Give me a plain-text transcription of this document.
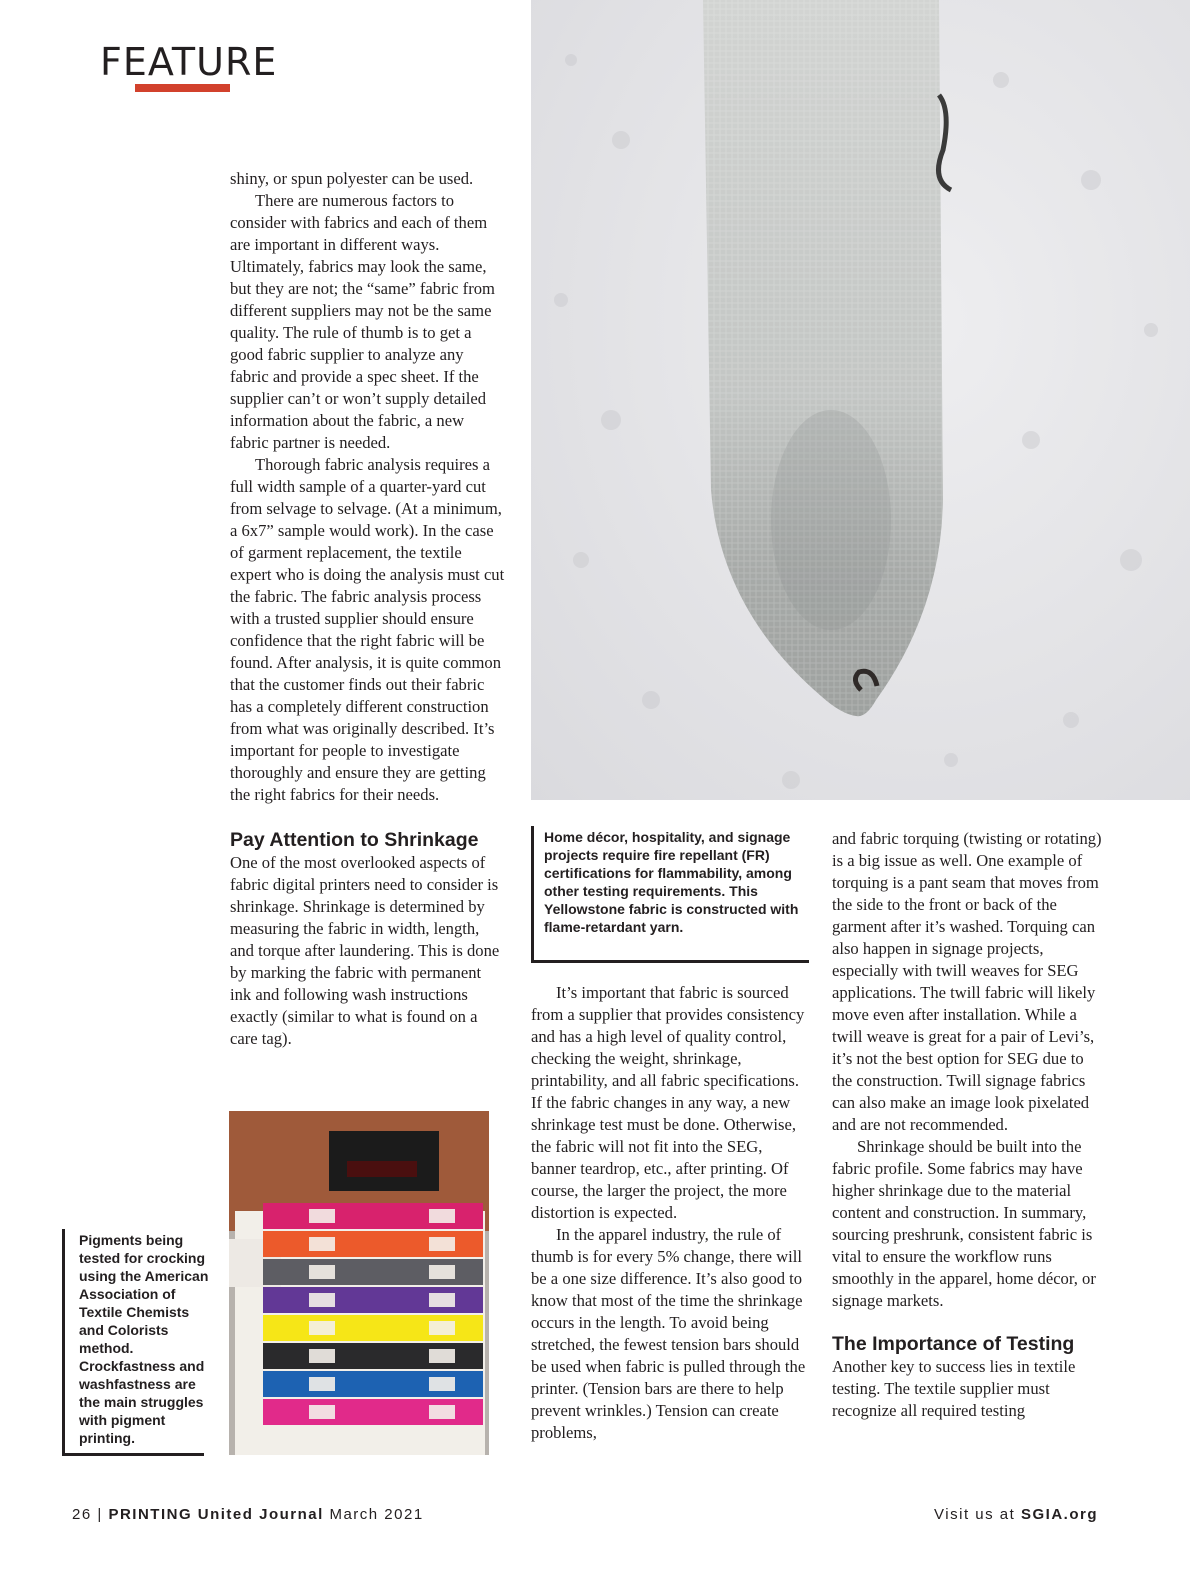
FEATURE

shiny, or spun polyester can be used.

There are numerous factors to consider with fabrics and each of them are important in different ways. Ultimately, fabrics may look the same, but they are not; the “same” fabric from different suppliers may not be the same quality. The rule of thumb is to get a good fabric supplier to analyze any fabric and provide a spec sheet. If the supplier can’t or won’t supply detailed information about the fabric, a new fabric partner is needed.

Thorough fabric analysis requires a full width sample of a quarter-yard cut from selvage to selvage. (At a minimum, a 6x7” sample would work). In the case of garment replacement, the textile expert who is doing the analysis must cut the fabric. The fabric analysis process with a trusted supplier should ensure confidence that the right fabric will be found. After analysis, it is quite common that the customer finds out their fabric has a completely different construction from what was originally described. It’s important for people to investigate thoroughly and ensure they are getting the right fabrics for their needs.

Pay Attention to Shrinkage

One of the most overlooked aspects of fabric digital printers need to consider is shrinkage. Shrinkage is determined by measuring the fabric in width, length, and torque after laundering. This is done by marking the fabric with permanent ink and following wash instructions exactly (similar to what is found on a care tag).

Pigments being tested for crocking using the American Association of Textile Chemists and Colorists method. Crockfastness and washfastness are the main struggles with pigment printing.
Home décor, hospitality, and signage projects require fire repellant (FR) certifications for flammability, among other testing requirements. This Yellowstone fabric is constructed with flame-retardant yarn.

It’s important that fabric is sourced from a supplier that provides consistency and has a high level of quality control, checking the weight, shrinkage, printability, and all fabric specifications. If the fabric changes in any way, a new shrinkage test must be done. Otherwise, the fabric will not fit into the SEG, banner teardrop, etc., after printing. Of course, the larger the project, the more distortion is expected.

In the apparel industry, the rule of thumb is for every 5% change, there will be a one size difference. It’s also good to know that most of the time the shrinkage occurs in the length. To avoid being stretched, the fewest tension bars should be used when fabric is pulled through the printer. (Tension bars are there to help prevent wrinkles.) Tension can create problems,

and fabric torquing (twisting or rotating) is a big issue as well. One example of torquing is a pant seam that moves from the side to the front or back of the garment after it’s washed. Torquing can also happen in signage projects, especially with twill weaves for SEG applications. The twill fabric will likely move even after installation. While a twill weave is great for a pair of Levi’s, it’s not the best option for SEG due to the construction. Twill signage fabrics can also make an image look pixelated and are not recommended.

Shrinkage should be built into the fabric profile. Some fabrics may have higher shrinkage due to the material content and construction. In summary, sourcing preshrunk, consistent fabric is vital to ensure the workflow runs smoothly in the apparel, home décor, or signage markets.

The Importance of Testing

Another key to success lies in textile testing. The textile supplier must recognize all required testing

26 | PRINTING United Journal March 2021	Visit us at SGIA.org
